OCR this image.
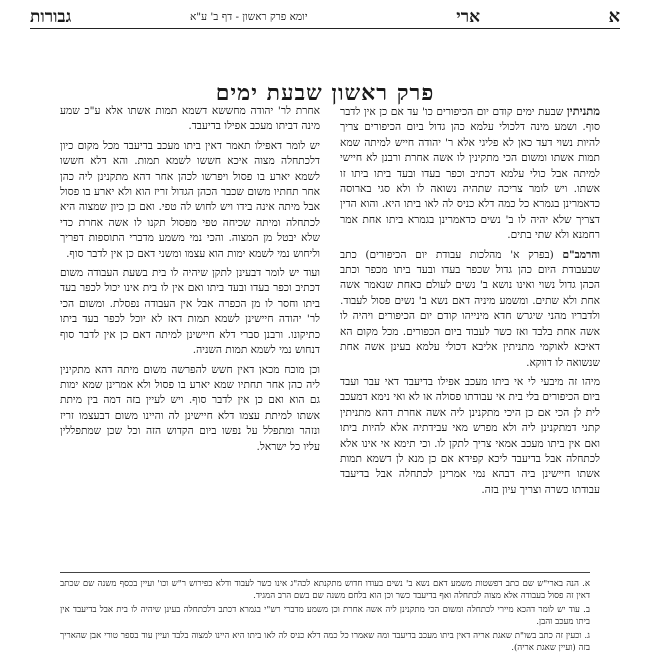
א
ארי
יומא פרק ראשון - דף ב' ע"א
גבורות
פרק ראשון שבעת ימים

מתניתין שבעת ימים קודם יום הכיפורים כו' עד אם כן אין לדבר סוף. ושמע מינה דלכולי עלמא כהן גדול ביום הכיפורים צריך להיות נשוי דעד כאן לא פליגי אלא ר' יהודה חייש למיתה שמא תמות אשתו ומשום הכי מתקינין לו אשה אחרת ורבנן לא חיישי למיתה אבל כולי עלמא דכתיב וכפר בעדו ובעד ביתו ביתו זו אשתו. ויש לומר צריכה שתהיה נשואה לו ולא סגי בארוסה כדאמרינן בגמרא כל כמה דלא כניס לה לאו ביתו היא. והוא הדין דצריך שלא יהיה לו ב' נשים כדאמרינן בגמרא ביתו אחת אמר רחמנא ולא שתי בתים.

והרמב"ם (בפרק א' מהלכות עבודת יום הכיפורים) כתב שבעבודת היום כהן גדול שכפר בעדו ובעד ביתו מכפר וכתב הכהן גדול נשוי ואינו נושא ב' נשים לעולם כאחת שנאמר אשה אחת ולא שתים. ומשמע מיניה דאם נשא ב' נשים פסול לעבוד. ולדבריו מהני שיגרש חדא מינייהו קודם יום הכיפורים ויהיה לו אשה אחת בלבד ואז כשר לעבוד ביום הכפורים. מכל מקום הא דאיכא לאוקמי מתניתין אליבא דכולי עלמא בעינן אשה אחת שנשואה לו דווקא.

מיהו זה מיבעי לי אי ביתו מעכב אפילו בדיעבד דאי עבר ועבד ביום הכיפורים בלי בית אי עבודתו פסולה או לא ואי נימא דמעכב לית לן הכי אם כן היכי מתקנינן ליה אשה אחרת דהא מתניתין קתני דמתקנינן ליה ולא מפרש מאי עבידתיה אלא להיות ביתו ואם אין ביתו מעכב אמאי צריך לתקן לו. וכי תימא אי אינו אלא לכתחלה אבל בדיעבד ליכא קפידא אם כן מנא לן דשמא תמות אשתו חיישינן ביה דבהא נמי אמרינן לכתחלה אבל בדיעבד עבודתו כשרה וצריך עיון בזה.

אחרת לר' יהודה מחששא דשמא תמות אשתו אלא ע"כ שמע מינה דביתו מעכב אפילו בדיעבד.

יש לומר דאפילו תאמר דאין ביתו מעכב בדיעבד מכל מקום כיון דלכתחלה מצוה איכא חששו לשמא תמות. והא דלא חששו לשמא יארע בו פסול ויפרשו לכהן אחר דהא מתקנינן ליה כהן אחר תחתיו משום שכבר הכהן הגדול זריז הוא ולא יארע בו פסול אבל מיתה אינה בידו ויש לחוש לה טפי. ואם כן כיון שמצוה היא לכתחלה ומיתה שכיחה טפי מפסול תקנו לו אשה אחרת כדי שלא יבטל מן המצוה. והכי נמי משמע מדברי התוספות דפריך וליחוש נמי לשמא ימות הוא עצמו ומשני דאם כן אין לדבר סוף.

ועוד יש לומר דבעינן לתקן שיהיה לו בית בשעת העבודה משום דכתיב וכפר בעדו ובעד ביתו ואם אין לו בית אינו יכול לכפר בעד ביתו וחסר לו מן הכפרה אבל אין העבודה נפסלת. ומשום הכי לר' יהודה חיישינן לשמא תמות דאז לא יוכל לכפר בעד ביתו כתיקונו. ורבנן סברי דלא חיישינן למיתה דאם כן אין לדבר סוף דנחוש נמי לשמא תמות השניה.

וכן מוכח מכאן דאין חשש להפרשה משום מיתה דהא מתקינין ליה כהן אחר תחתיו שמא יארע בו פסול ולא אמרינן שמא ימות גם הוא ואם כן אין לדבר סוף. ויש לעיין בזה דמה בין מיתת אשתו למיתת עצמו דלא חיישינן לה והיינו משום דבעצמו זריז ונזהר ומתפלל על נפשו ביום הקדוש הזה וכל שכן שמתפללין עליו כל ישראל.

א. הנה בארי"ש שם כתב דפשטות משמע דאם נשא ב' נשים בעודו חדוש מתקנתא לכה"ג אינו כשר לעבוד ודלא כפירוש ר"ש וכו' ועיין בכסף משנה שם שכתב דאין זה פסול בעבודה אלא מצוה לכתחלה ואף בדיעבד כשר וכן הוא בלחם משנה שם בשם הרב המגיד.

ב. עוד יש לומר דהכא מיירי לכתחלה ומשום הכי מתקנינן ליה אשה אחרת וכן משמע מדברי רש"י בגמרא דכתב דלכתחלה בעינן שיהיה לו בית אבל בדיעבד אין ביתו מעכב והבן.

ג. וכעין זה כתב בשו"ת שאגת אריה דאין ביתו מעכב בדיעבד ומה שאמרו כל כמה דלא כניס לה לאו ביתו היא היינו למצוה בלבד ועיין עוד בספר טורי אבן שהאריך בזה (ועיין שאגת אריה).
